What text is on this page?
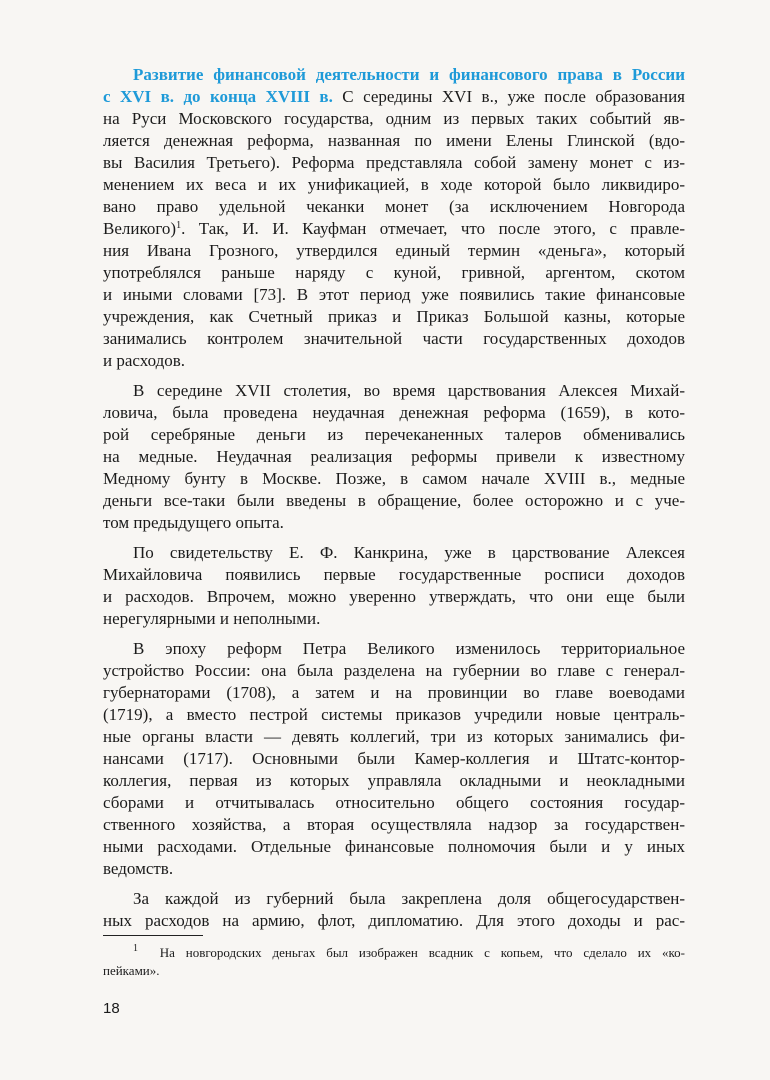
Развитие финансовой деятельности и финансового права в России
с XVI в. до конца XVIII в. С середины XVI в., уже после образования
на Руси Московского государства, одним из первых таких событий яв-
ляется денежная реформа, названная по имени Елены Глинской (вдо-
вы Василия Третьего). Реформа представляла собой замену монет с из-
менением их веса и их унификацией, в ходе которой было ликвидиро-
вано право удельной чеканки монет (за исключением Новгорода
Великого)$^1$. Так, И. И. Кауфман отмечает, что после этого, с правле-
ния Ивана Грозного, утвердился единый термин «деньга», который
употреблялся раньше наряду с куной, гривной, аргентом, скотом
и иными словами [73]. В этот период уже появились такие финансовые
учреждения, как Счетный приказ и Приказ Большой казны, которые
занимались контролем значительной части государственных доходов
и расходов.
В середине XVII столетия, во время царствования Алексея Михай-
ловича, была проведена неудачная денежная реформа (1659), в кото-
рой серебряные деньги из перечеканенных талеров обменивались
на медные. Неудачная реализация реформы привели к известному
Медному бунту в Москве. Позже, в самом начале XVIII в., медные
деньги все-таки были введены в обращение, более осторожно и с уче-
том предыдущего опыта.
По свидетельству Е. Ф. Канкрина, уже в царствование Алексея
Михайловича появились первые государственные росписи доходов
и расходов. Впрочем, можно уверенно утверждать, что они еще были
нерегулярными и неполными.
В эпоху реформ Петра Великого изменилось территориальное
устройство России: она была разделена на губернии во главе с генерал-
губернаторами (1708), а затем и на провинции во главе воеводами
(1719), а вместо пестрой системы приказов учредили новые централь-
ные органы власти — девять коллегий, три из которых занимались фи-
нансами (1717). Основными были Камер-коллегия и Штатс-контор-
коллегия, первая из которых управляла окладными и неокладными
сборами и отчитывалась относительно общего состояния государ-
ственного хозяйства, а вторая осуществляла надзор за государствен-
ными расходами. Отдельные финансовые полномочия были и у иных
ведомств.
За каждой из губерний была закреплена доля общегосударствен-
ных расходов на армию, флот, дипломатию. Для этого доходы и рас-
$^1$ На новгородских деньгах был изображен всадник с копьем, что сделало их «ко-
пейками».
18
